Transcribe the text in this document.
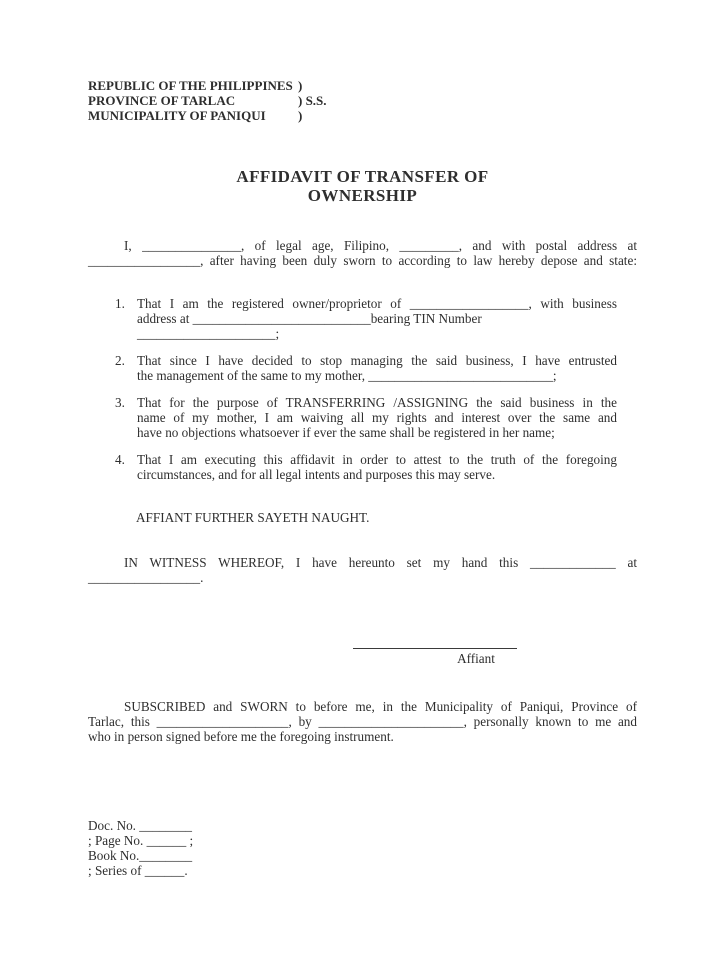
REPUBLIC OF THE PHILIPPINES )
PROVINCE OF TARLAC	) S.S.
MUNICIPALITY OF PANIQUI )
AFFIDAVIT OF TRANSFER OF
OWNERSHIP
I, _______________, of legal age, Filipino, _________, and with postal address at
_________________, after having been duly sworn to according to law hereby depose and state:
1. That I am the registered owner/proprietor of __________________, with business
address at ___________________________bearing TIN Number _____________________;
2. That since I have decided to stop managing the said business, I have entrusted
the management of the same to my mother, ____________________________;
3. That for the purpose of TRANSFERRING /ASSIGNING the said business in the
name of my mother, I am waiving all my rights and interest over the same and
have no objections whatsoever if ever the same shall be registered in her name;
4. That I am executing this affidavit in order to attest to the truth of the foregoing
circumstances, and for all legal intents and purposes this may serve.
AFFIANT FURTHER SAYETH NAUGHT.
IN WITNESS WHEREOF, I have hereunto set my hand this _____________ at
_________________.
Affiant
SUBSCRIBED and SWORN to before me, in the Municipality of Paniqui, Province of
Tarlac, this ____________________, by ______________________, personally known to me and
who in person signed before me the foregoing instrument.
Doc. No. ________
; Page No. ______ ;
Book No.________
; Series of ______.
